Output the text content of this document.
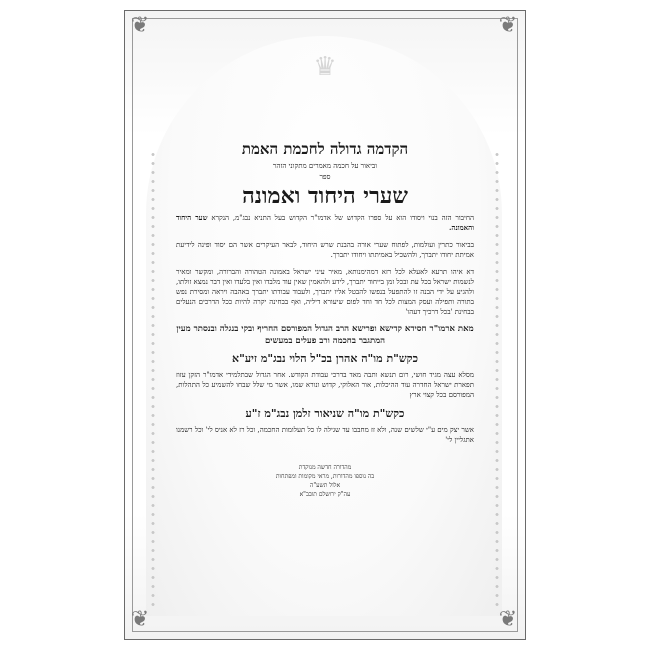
❦	❦
❦	❦
♛
הקדמה גדולה לחכמת האמת
וביאור על חכמה מאמרים מתקוני הזהר
ספר
שערי היחוד ואמונה

החיבור הזה בנוי ויסודו הוא על ספרו הקדוש של אדמו"ר הקדוש בעל התניא נבג"מ, הנקרא שער היחוד והאמונה.

בביאור כתרין ועולמות, לפתוח שערי אורה בהבנת שרש היחוד, לבאר העיקרים אשר הם יסוד ופינה לידיעת אמיתת יחודו יתברך, ולהשכיל באמיתתו ויחודו יתברך.

דא איהו תרעא לאעלא לכל רזא דמהימנותא, מאיר עיני ישראל באמונה הטהורה והברורה, ומקשר ומאיר לנשמות ישראל בכל עת ובכל זמן בייחוד יתברך, לידע ולהאמין שאין עוד מלבדו ואין בלעדו ואין דבר נמצא זולתו, ולהגיע על ידי הבנה זו להתפעל בנפשו להבטל אליו יתברך, ולעבוד עבודתו יתברך באהבה ויראה ומסירת נפש בתורה ותפילה ועסק המצות לכל חד וחד לפום שיעורא דיליה, ואף בבחינה יקרה להיות ככל הדרכים הנעלים בבחינת 'בכל דרכיך דעהו'

מאת ארמו"ר חסידא קדישא ופרישא הרב הגדול המפורסם החריף ובקי בנגלה ובנסתר מעין המתגבר בחכמה ורב פעלים במעשים
כקש"ת מו"ה אהרן בכ"ל הלוי נבג"מ זיע"א

מסלא עצה מגיד חושי, רום תנשא ותבה מאד בדרכי עבודת הקודש. אחר הגדול שבתלמידי אדמו"ר הזקן עזוז תפארת ישראל החדרה עוד ההיכלות, אור האלוקי, קדוש ונורא שמו, אשר מי שלל שבחו להשמיע כל התהלות, המפורסם בכל קצוי ארץ

כקש"ת מו"ה שניאור זלמן נבג"מ ז"ע

אשר יצק מים ע"י שלשים שנה, ולא זז מחבבו עד שגילה לו כל תעלומות החכמה, וכל רז לא אניס לי' וכל רשמנו אתגליין לי'

מהדורה חדשה מנוקדת
בה נוספו מהדורות, מראי מקומות ומפתחות
אלול תשע"ה
עה"ק ירושלם תובב"א
